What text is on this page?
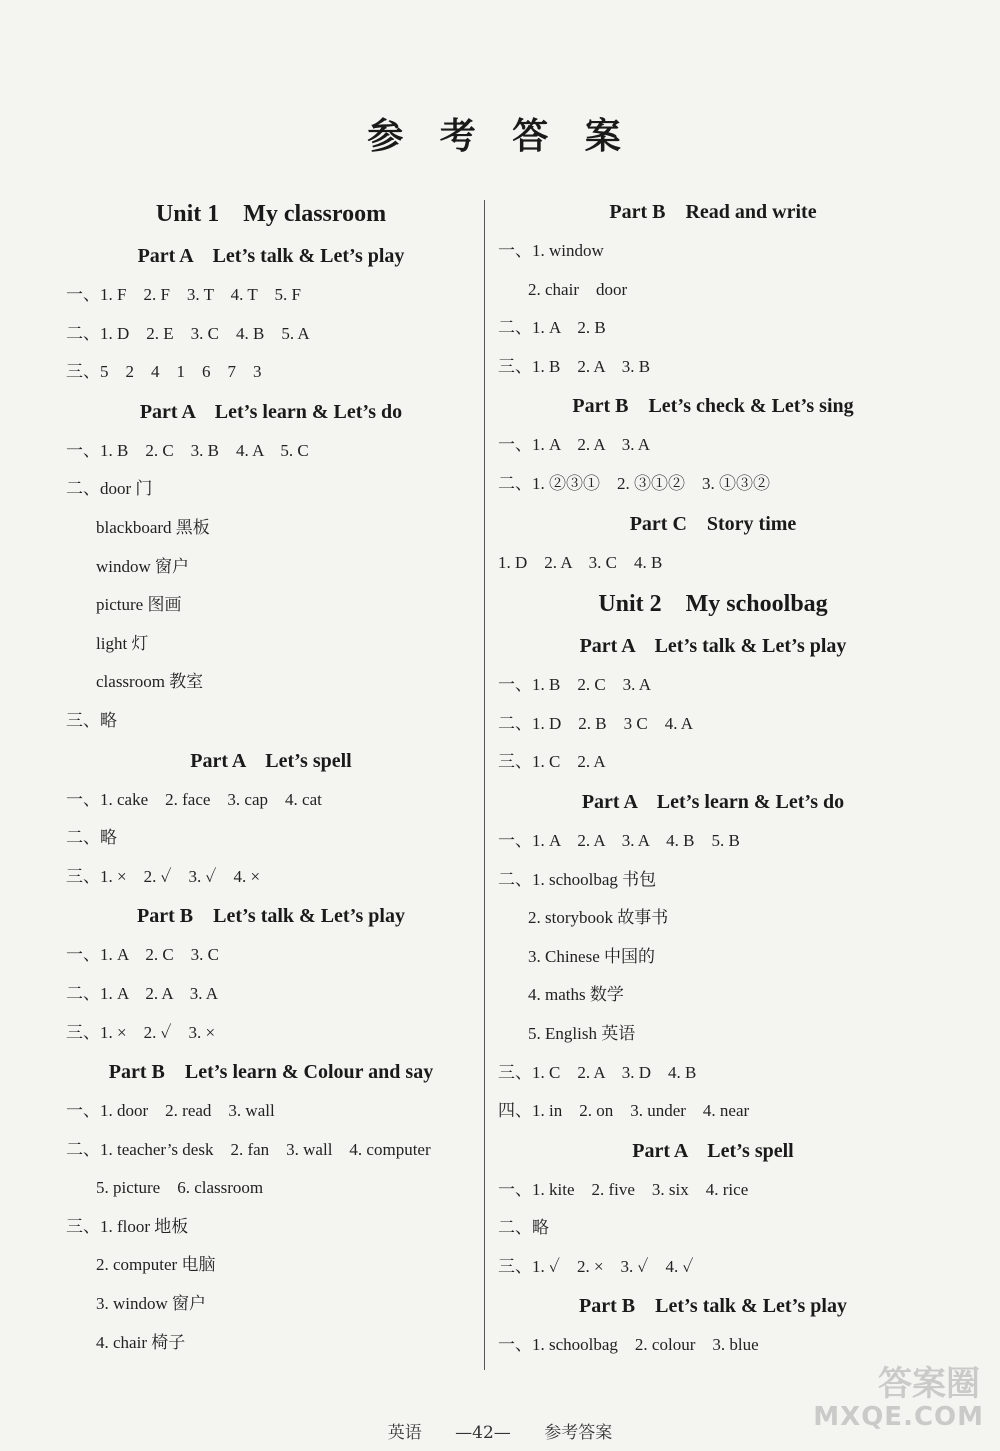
参 考 答 案
Unit 1    My classroom
Part A    Let’s talk & Let’s play
一、1. F    2. F    3. T    4. T    5. F
二、1. D    2. E    3. C    4. B    5. A
三、5    2    4    1    6    7    3
Part A    Let’s learn & Let’s do
一、1. B    2. C    3. B    4. A    5. C
二、door 门
blackboard 黑板
window 窗户
picture 图画
light 灯
classroom 教室
三、略
Part A    Let’s spell
一、1. cake    2. face    3. cap    4. cat
二、略
三、1. ×    2. ✓    3. ✓    4. ×
Part B    Let’s talk & Let’s play
一、1. A    2. C    3. C
二、1. A    2. A    3. A
三、1. ×    2. ✓    3. ×
Part B    Let’s learn & Colour and say
一、1. door    2. read    3. wall
二、1. teacher’s desk    2. fan    3. wall    4. computer
5. picture    6. classroom
三、1. floor 地板
2. computer 电脑
3. window 窗户
4. chair 椅子
Part B    Read and write
一、1. window
2. chair    door
二、1. A    2. B
三、1. B    2. A    3. B
Part B    Let’s check & Let’s sing
一、1. A    2. A    3. A
二、1. ②③①    2. ③①②    3. ①③②
Part C    Story time
1. D    2. A    3. C    4. B
Unit 2    My schoolbag
Part A    Let’s talk & Let’s play
一、1. B    2. C    3. A
二、1. D    2. B    3 C    4. A
三、1. C    2. A
Part A    Let’s learn & Let’s do
一、1. A    2. A    3. A    4. B    5. B
二、1. schoolbag 书包
2. storybook 故事书
3. Chinese 中国的
4. maths 数学
5. English 英语
三、1. C    2. A    3. D    4. B
四、1. in    2. on    3. under    4. near
Part A    Let’s spell
一、1. kite    2. five    3. six    4. rice
二、略
三、1. ✓    2. ×    3. ✓    4. ✓
Part B    Let’s talk & Let’s play
一、1. schoolbag    2. colour    3. blue
英语 —42— 参考答案
答案圈
MXQE.COM
